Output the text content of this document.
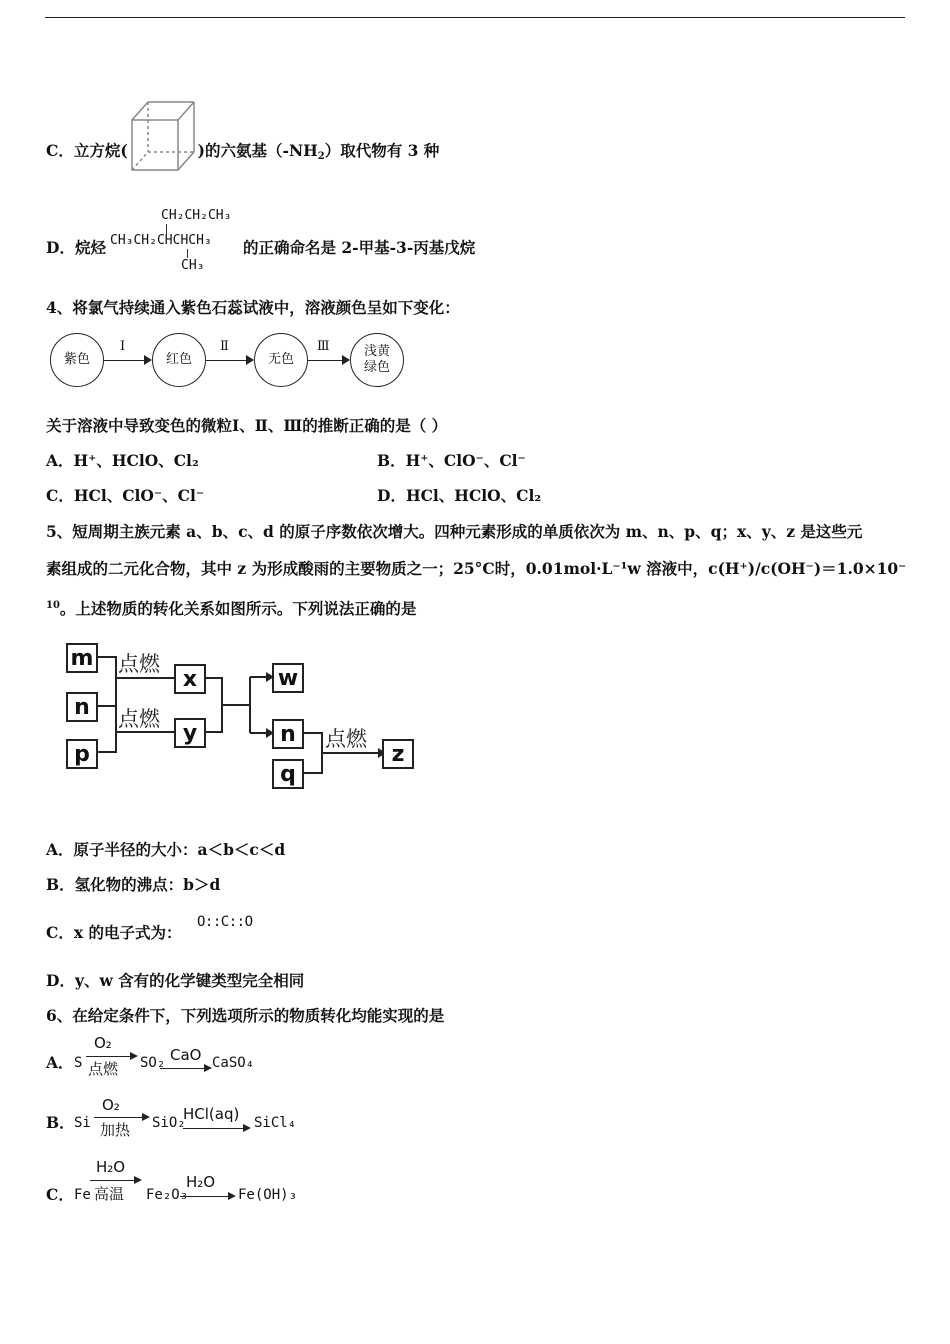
C．立方烷(	)的六氨基$(-NH_2)$取代物有 3 种
D．烷烃
CH₂CH₂CH₃
CH₃CH₂CHCHCH₃
CH₃
的正确命名是 2-甲基-3-丙基戊烷
4、将氯气持续通入紫色石蕊试液中，溶液颜色呈如下变化：
紫色
Ⅰ
红色
Ⅱ
无色
Ⅲ	浅黄
绿色
关于溶液中导致变色的微粒Ⅰ、Ⅱ、Ⅲ的推断正确的是（ ）
A．H⁺、HClO、Cl₂	B．H⁺、ClO⁻、Cl⁻
C．HCl、ClO⁻、Cl⁻	D．HCl、HClO、Cl₂
5、短周期主族元素 a、b、c、d 的原子序数依次增大。四种元素形成的单质依次为 m、n、p、q；x、y、z 是这些元
素组成的二元化合物，其中 z 为形成酸雨的主要物质之一；25°C时，0.01mol·L⁻¹w 溶液中，c(H⁺)/c(OH⁻)＝1.0×10⁻
$^{10}$。上述物质的转化关系如图所示。下列说法正确的是
点燃
点燃
点燃
m
n
p
x
y
w
n
q
z
A．原子半径的大小：a＜b＜c＜d
B．氢化物的沸点：b＞d
C．x 的电子式为：
O::C::O
D．y、w 含有的化学键类型完全相同
6、在给定条件下，下列选项所示的物质转化均能实现的是
A． S
O₂
点燃 SO₂ CaO CaSO₄
B． Si
O₂
加热 SiO₂
HCl(aq) SiCl₄
C． Fe
H₂O
高温 Fe₂O₃
H₂O
Fe(OH)₃
